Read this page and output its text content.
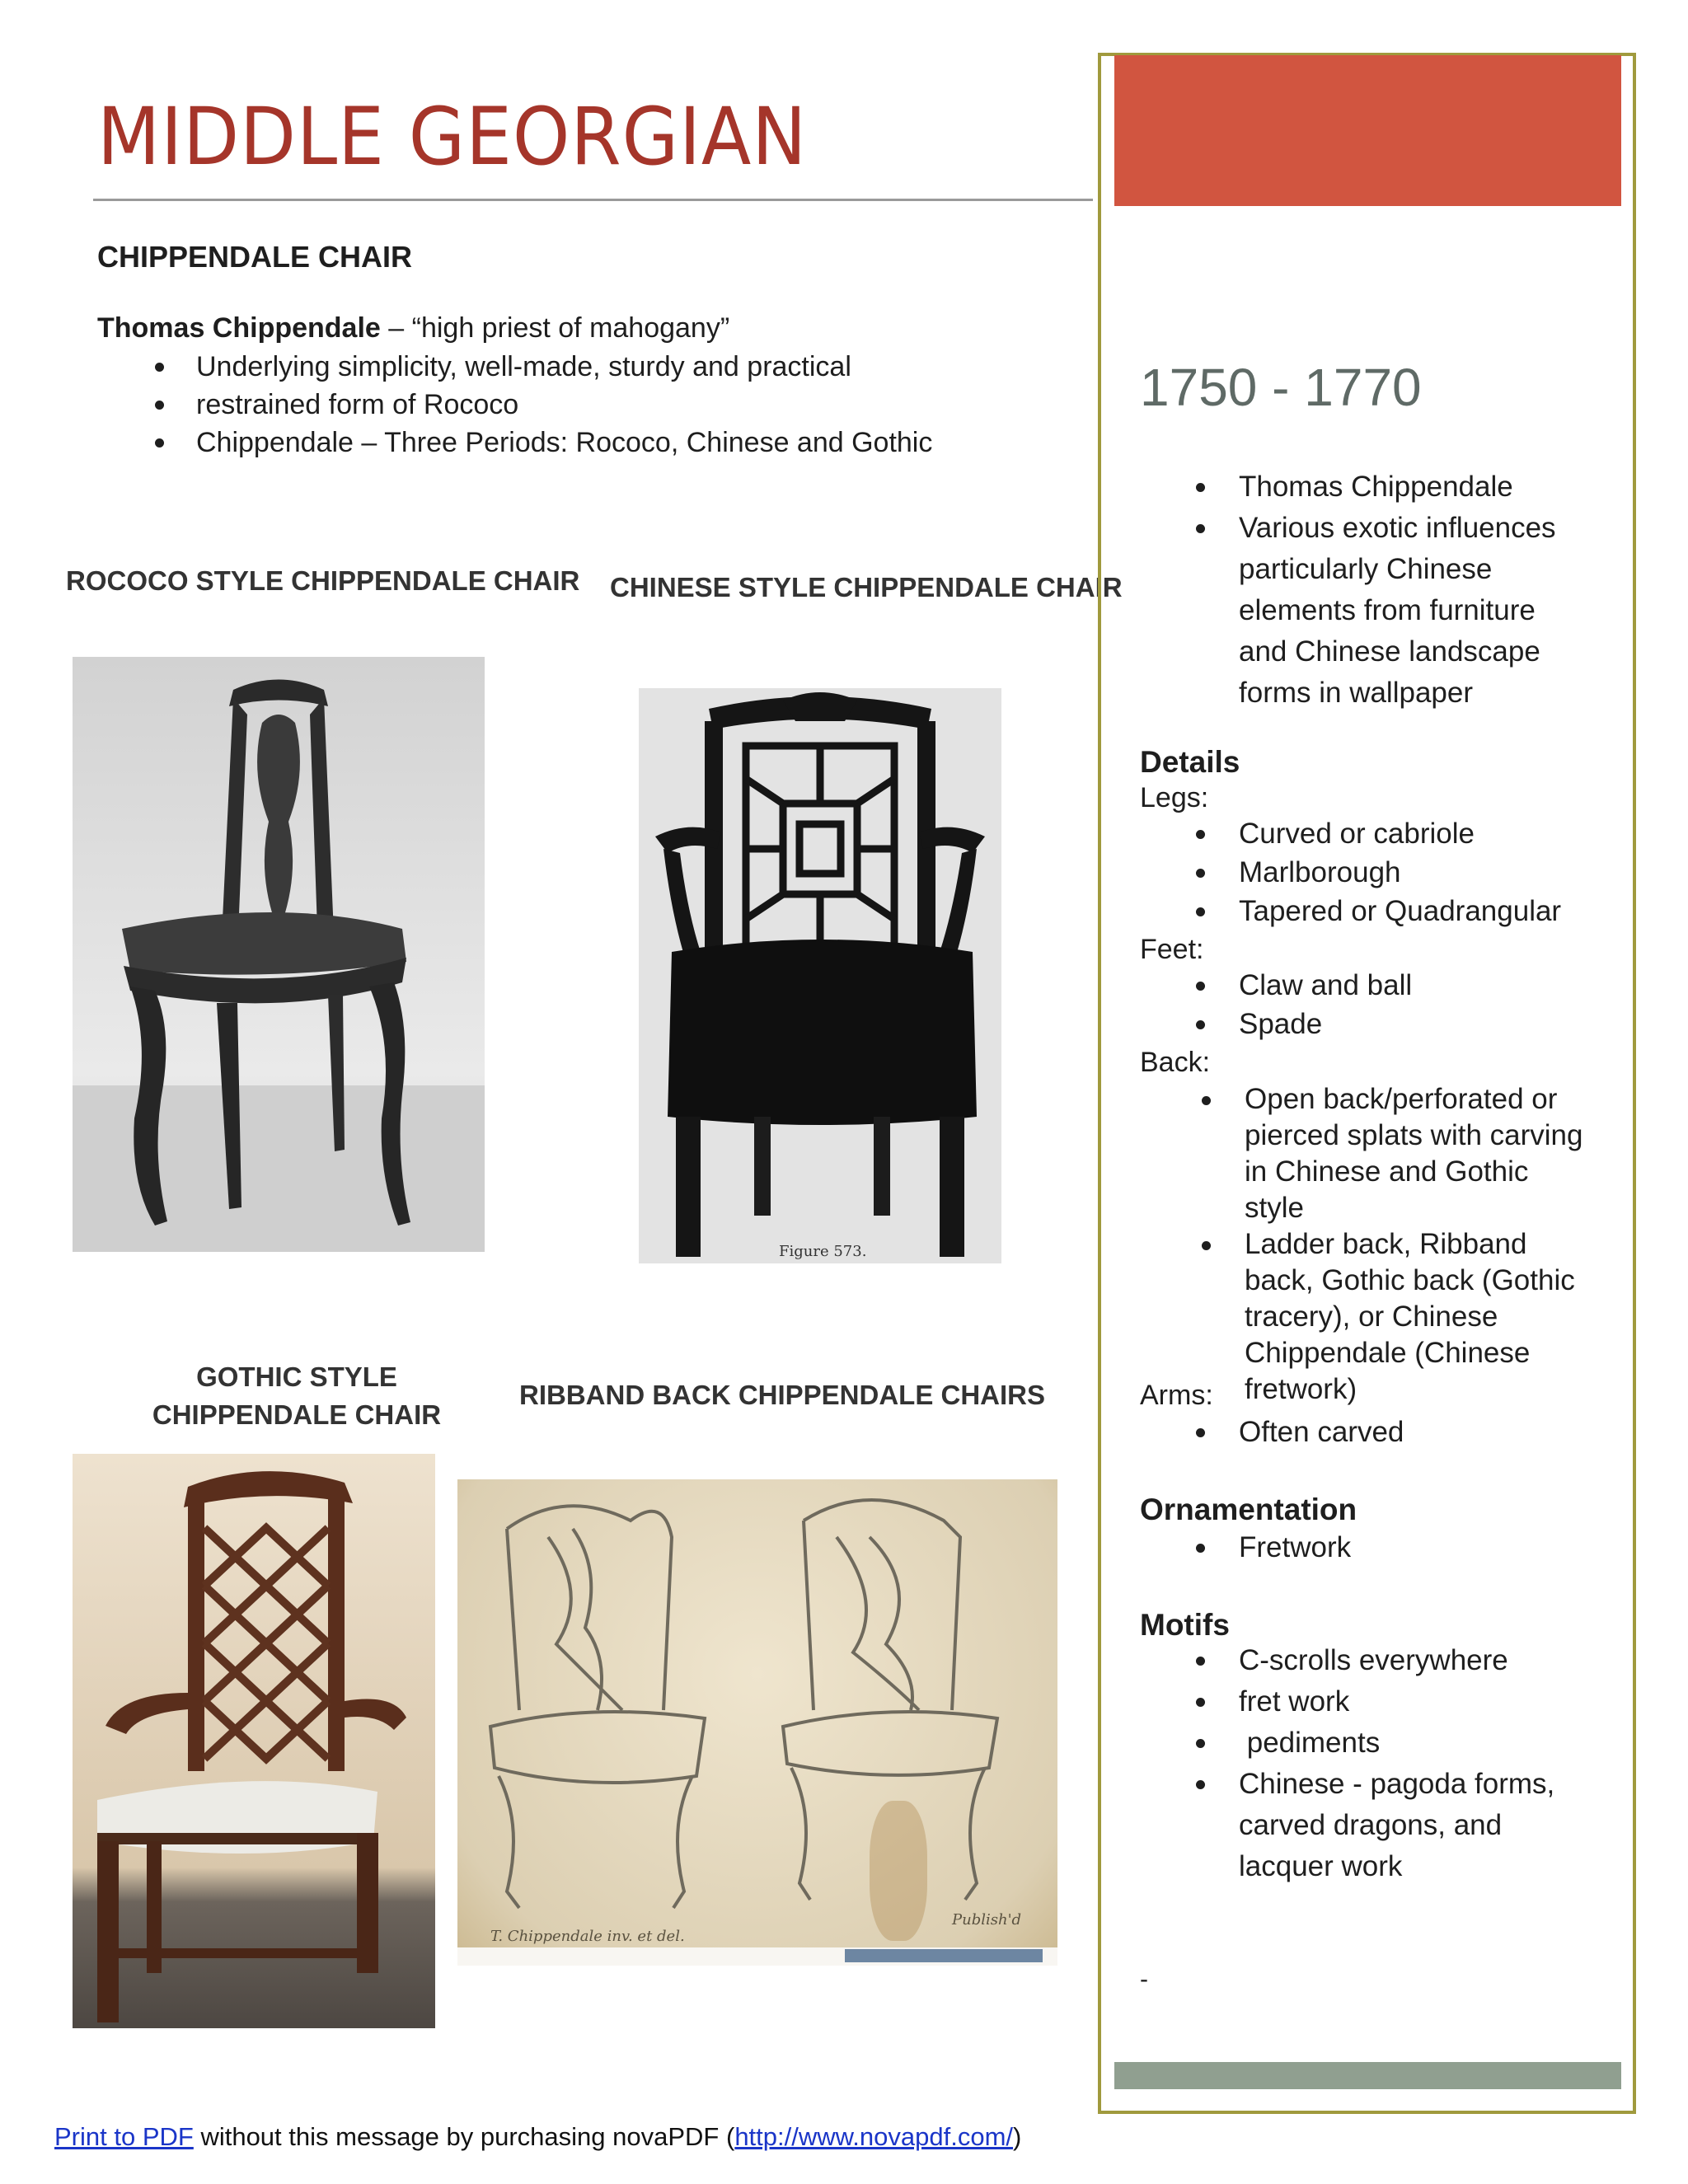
MIDDLE GEORGIAN
CHIPPENDALE CHAIR
Thomas Chippendale – “high priest of mahogany”
Underlying simplicity, well-made, sturdy and practical
restrained form of Rococo
Chippendale – Three Periods: Rococo, Chinese and Gothic
ROCOCO STYLE CHIPPENDALE CHAIR CHINESE STYLE CHIPPENDALE CHAIR
GOTHIC STYLE CHIPPENDALE CHAIR
RIBBAND BACK CHIPPENDALE CHAIRS
Figure 573.
T. Chippendale inv. et del.
Publish'd
1750 - 1770
Thomas Chippendale
Various exotic influences particularly Chinese elements from furniture and Chinese landscape forms in wallpaper
Details
Legs:
Curved or cabriole
Marlborough
Tapered or Quadrangular
Feet:
Claw and ball
Spade
Back:
Open back/perforated or pierced splats with carving in Chinese and Gothic style
Ladder back, Ribband back, Gothic back (Gothic tracery), or Chinese Chippendale (Chinese fretwork)
Arms:
Often carved
Ornamentation
Fretwork
Motifs
C-scrolls everywhere
fret work
pediments
Chinese - pagoda forms, carved dragons, and lacquer work
-
Print to PDF without this message by purchasing novaPDF (http://www.novapdf.com/)
